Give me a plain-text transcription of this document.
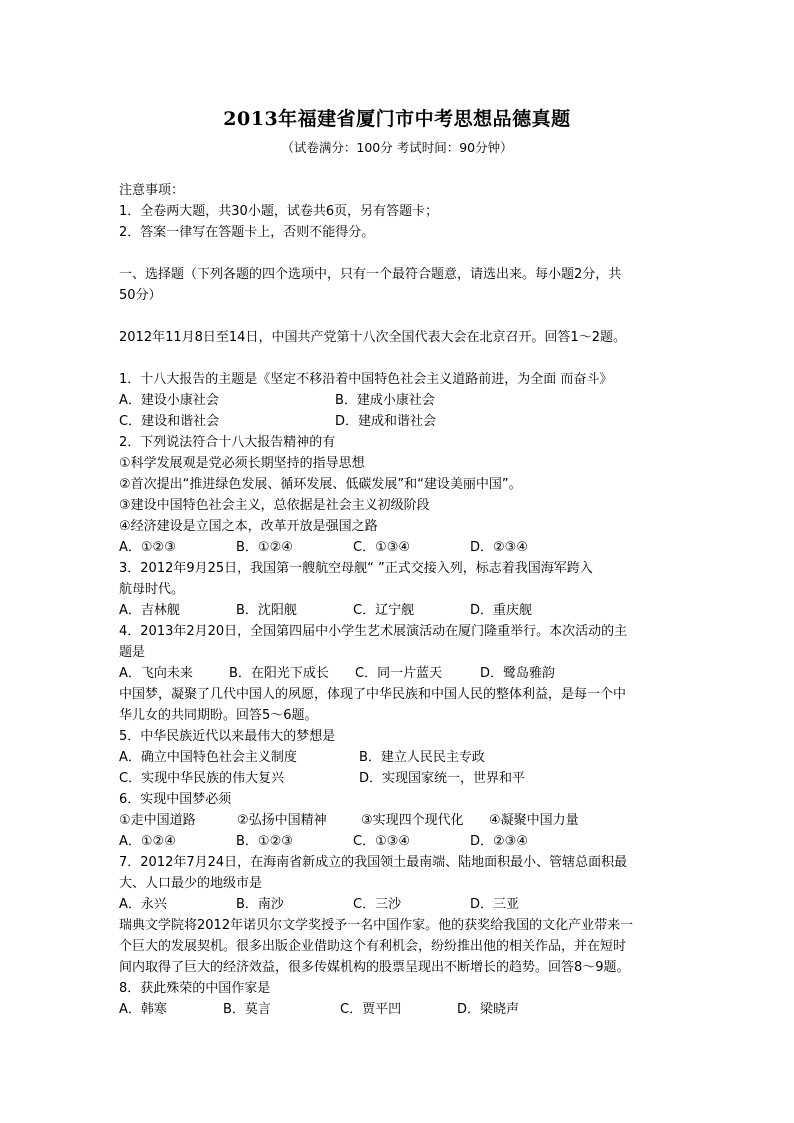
2013年福建省厦门市中考思想品德真题
（试卷满分：100分 考试时间：90分钟）
注意事项：
1．全卷两大题，共30小题，试卷共6页，另有答题卡；
2．答案一律写在答题卡上，否则不能得分。
一、选择题（下列各题的四个选项中，只有一个最符合题意，请选出来。每小题2分，共
50分）
2012年11月8日至14日，中国共产党第十八次全国代表大会在北京召开。回答1～2题。
1．十八大报告的主题是《坚定不移沿着中国特色社会主义道路前进，为全面 而奋斗》
A．建设小康社会	B．建成小康社会
C．建设和谐社会	D．建成和谐社会
2．下列说法符合十八大报告精神的有
①科学发展观是党必须长期坚持的指导思想
②首次提出“推进绿色发展、循环发展、低碳发展”和“建设美丽中国”。
③建设中国特色社会主义，总依据是社会主义初级阶段
④经济建设是立国之本，改革开放是强国之路
A．①②③	B．①②④	C．①③④	D．②③④
3．2012年9月25日，我国第一艘航空母舰“ ”正式交接入列，标志着我国海军跨入
航母时代。
A．吉林舰	B．沈阳舰	C．辽宁舰	D．重庆舰
4．2013年2月20日，全国第四届中小学生艺术展演活动在厦门隆重举行。本次活动的主
题是
A．飞向未来	B．在阳光下成长	C．同一片蓝天	D．鹭岛雅韵
中国梦，凝聚了几代中国人的夙愿，体现了中华民族和中国人民的整体利益，是每一个中
华儿女的共同期盼。回答5～6题。
5．中华民族近代以来最伟大的梦想是
A．确立中国特色社会主义制度	B．建立人民民主专政
C．实现中华民族的伟大复兴	D．实现国家统一，世界和平
6．实现中国梦必须
①走中国道路	②弘扬中国精神	③实现四个现代化	④凝聚中国力量
A．①②④	B．①②③	C．①③④	D．②③④
7．2012年7月24日，在海南省新成立的我国领土最南端、陆地面积最小、管辖总面积最
大、人口最少的地级市是
A．永兴	B．南沙	C．三沙	D．三亚
瑞典文学院将2012年诺贝尔文学奖授予一名中国作家。他的获奖给我国的文化产业带来一
个巨大的发展契机。很多出版企业借助这个有利机会，纷纷推出他的相关作品，并在短时
间内取得了巨大的经济效益，很多传媒机构的股票呈现出不断增长的趋势。回答8～9题。
8．获此殊荣的中国作家是
A．韩寒	B．莫言	C．贾平凹	D．梁晓声
